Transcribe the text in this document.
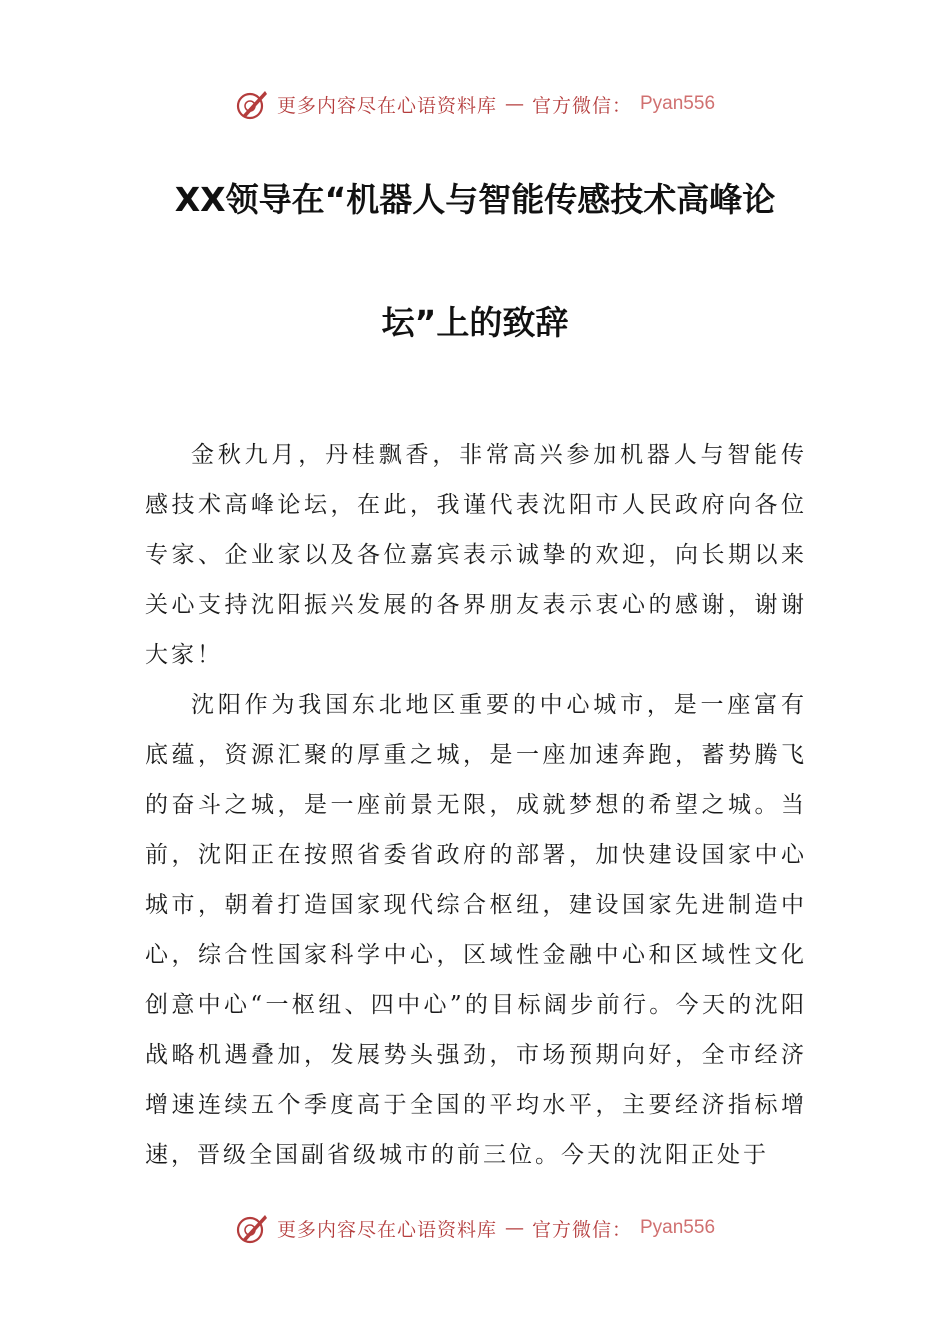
更多内容尽在心语资料库 — 官方微信： Pyan556
XX领导在“机器人与智能传感技术高峰论
坛”上的致辞

金秋九月，丹桂飘香，非常高兴参加机器人与智能传感技术高峰论坛，在此，我谨代表沈阳市人民政府向各位专家、企业家以及各位嘉宾表示诚挚的欢迎，向长期以来关心支持沈阳振兴发展的各界朋友表示衷心的感谢，谢谢大家！

沈阳作为我国东北地区重要的中心城市，是一座富有底蕴，资源汇聚的厚重之城，是一座加速奔跑，蓄势腾飞的奋斗之城，是一座前景无限，成就梦想的希望之城。当前，沈阳正在按照省委省政府的部署，加快建设国家中心城市，朝着打造国家现代综合枢纽，建设国家先进制造中心，综合性国家科学中心，区域性金融中心和区域性文化创意中心“一枢纽、四中心”的目标阔步前行。今天的沈阳战略机遇叠加，发展势头强劲，市场预期向好，全市经济增速连续五个季度高于全国的平均水平，主要经济指标增速，晋级全国副省级城市的前三位。今天的沈阳正处于

更多内容尽在心语资料库 — 官方微信： Pyan556
